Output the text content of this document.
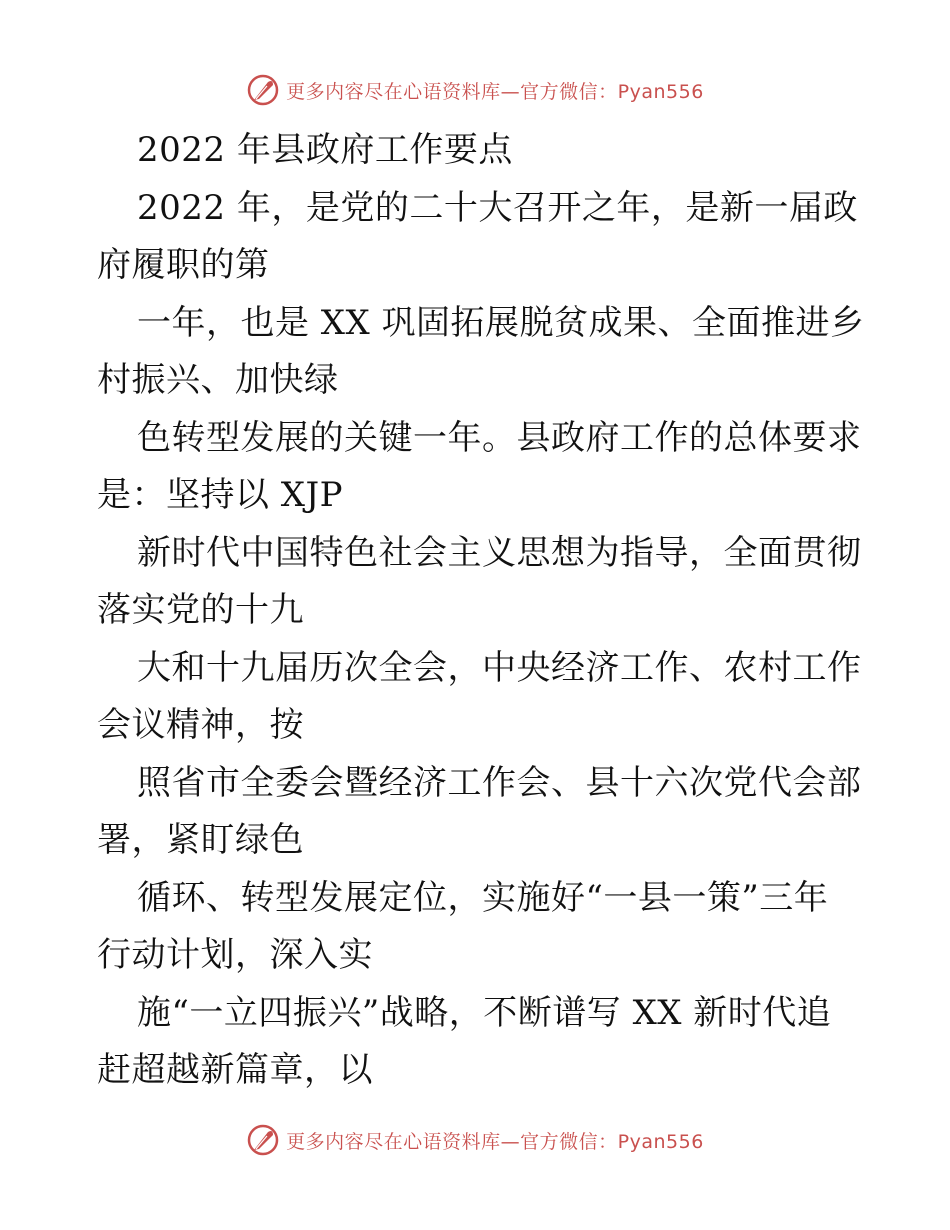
更多内容尽在心语资料库—官方微信：Pyan556
2022 年县政府工作要点
2022 年，是党的二十大召开之年，是新一届政
府履职的第
一年，也是 XX 巩固拓展脱贫成果、全面推进乡
村振兴、加快绿
色转型发展的关键一年。县政府工作的总体要求
是：坚持以 XJP
新时代中国特色社会主义思想为指导，全面贯彻
落实党的十九
大和十九届历次全会，中央经济工作、农村工作
会议精神，按
照省市全委会暨经济工作会、县十六次党代会部
署，紧盯绿色
循环、转型发展定位，实施好“一县一策”三年
行动计划，深入实
施“一立四振兴”战略，不断谱写 XX 新时代追
赶超越新篇章，以
更多内容尽在心语资料库—官方微信：Pyan556
